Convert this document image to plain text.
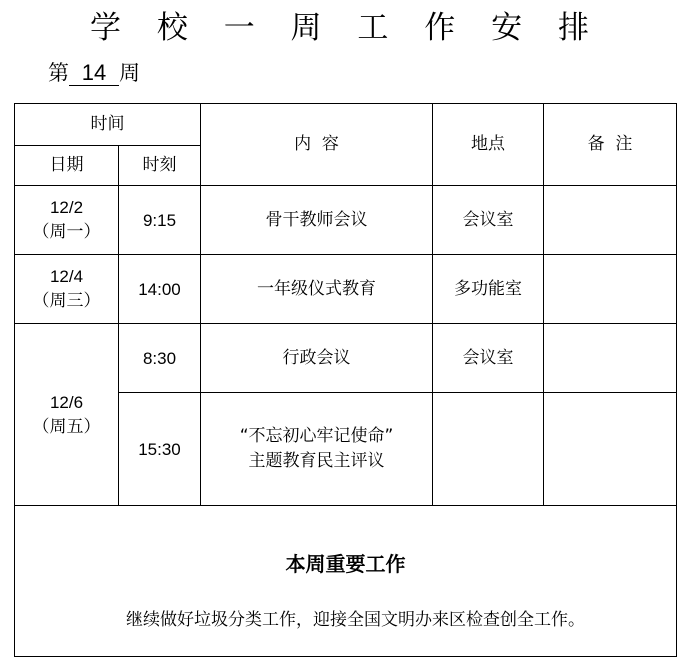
学 校 一 周 工 作 安 排
第 14 周
时间		内  容	地点	备  注
日期	时刻			

12/2
（周一）	9:15	骨干教师会议	会议室	

12/4
（周三）	14:00	一年级仪式教育	多功能室	

12/6
（周五）	8:30	行政会议	会议室	
	15:30	“不忘初心牢记使命”
主题教育民主评议		

本周重要工作
继续做好垃圾分类工作，迎接全国文明办来区检查创全工作。				
